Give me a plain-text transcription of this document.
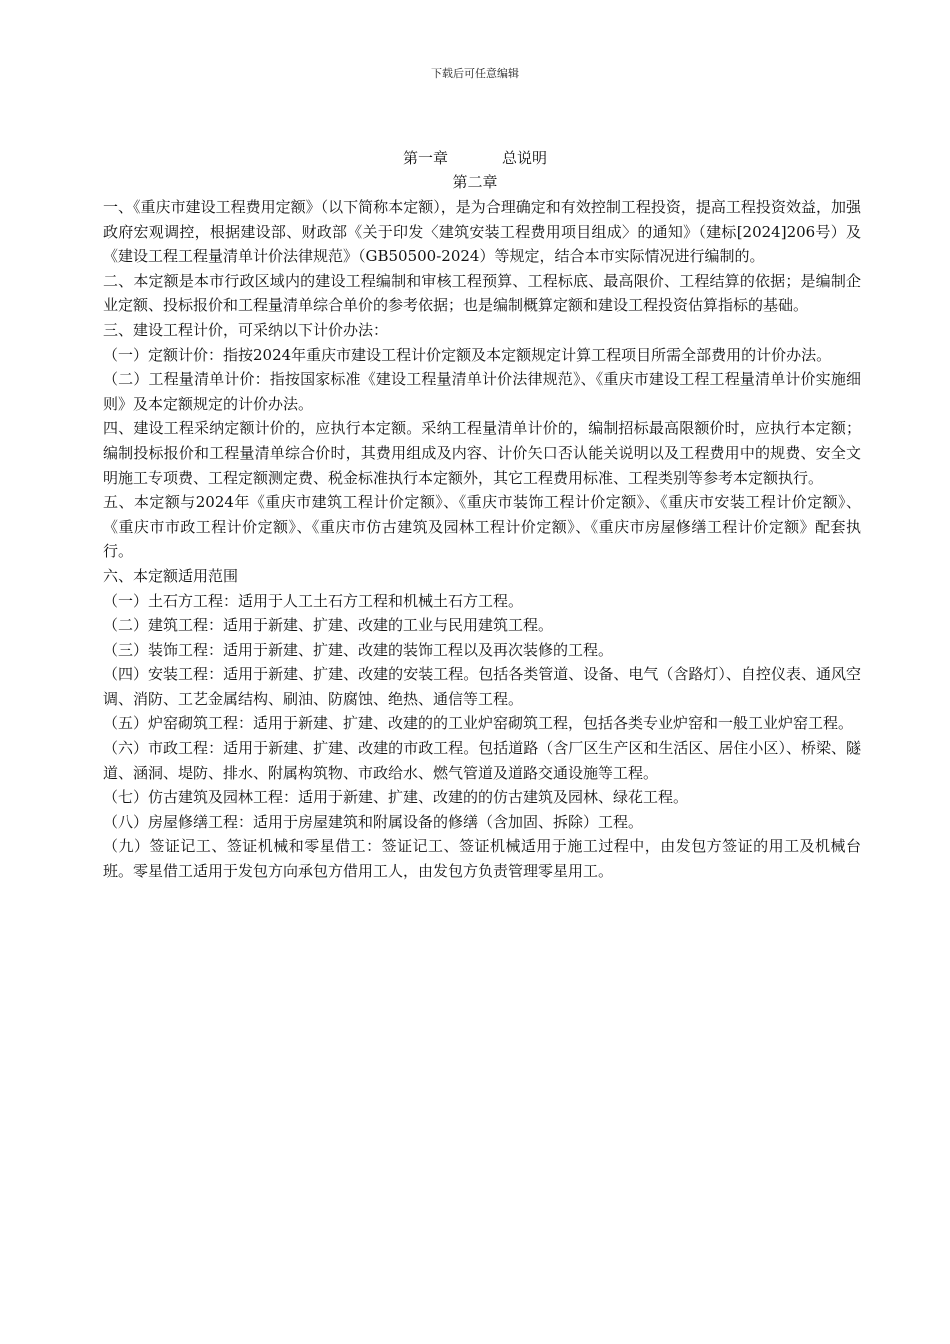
下载后可任意编辑
第一章	总说明
第二章

一、《重庆市建设工程费用定额》（以下简称本定额），是为合理确定和有效控制工程投资，提高工程投资效益，加强政府宏观调控，根据建设部、财政部《关于印发〈建筑安装工程费用项目组成〉的通知》（建标[2024]206号）及《建设工程工程量清单计价法律规范》（GB50500-2024）等规定，结合本市实际情况进行编制的。

二、本定额是本市行政区域内的建设工程编制和审核工程预算、工程标底、最高限价、工程结算的依据；是编制企业定额、投标报价和工程量清单综合单价的参考依据；也是编制概算定额和建设工程投资估算指标的基础。

三、建设工程计价，可采纳以下计价办法：

（一）定额计价：指按2024年重庆市建设工程计价定额及本定额规定计算工程项目所需全部费用的计价办法。

（二）工程量清单计价：指按国家标准《建设工程量清单计价法律规范》、《重庆市建设工程工程量清单计价实施细则》及本定额规定的计价办法。

四、建设工程采纳定额计价的，应执行本定额。采纳工程量清单计价的，编制招标最高限额价时，应执行本定额；编制投标报价和工程量清单综合价时，其费用组成及内容、计价矢口否认能关说明以及工程费用中的规费、安全文明施工专项费、工程定额测定费、税金标准执行本定额外，其它工程费用标准、工程类别等参考本定额执行。

五、本定额与2024年《重庆市建筑工程计价定额》、《重庆市装饰工程计价定额》、《重庆市安装工程计价定额》、《重庆市市政工程计价定额》、《重庆市仿古建筑及园林工程计价定额》、《重庆市房屋修缮工程计价定额》配套执行。

六、本定额适用范围

（一）土石方工程：适用于人工土石方工程和机械土石方工程。

（二）建筑工程：适用于新建、扩建、改建的工业与民用建筑工程。

（三）装饰工程：适用于新建、扩建、改建的装饰工程以及再次装修的工程。

（四）安装工程：适用于新建、扩建、改建的安装工程。包括各类管道、设备、电气（含路灯）、自控仪表、通风空调、消防、工艺金属结构、刷油、防腐蚀、绝热、通信等工程。

（五）炉窑砌筑工程：适用于新建、扩建、改建的的工业炉窑砌筑工程，包括各类专业炉窑和一般工业炉窑工程。

（六）市政工程：适用于新建、扩建、改建的市政工程。包括道路（含厂区生产区和生活区、居住小区）、桥梁、隧道、涵洞、堤防、排水、附属构筑物、市政给水、燃气管道及道路交通设施等工程。

（七）仿古建筑及园林工程：适用于新建、扩建、改建的的仿古建筑及园林、绿花工程。

（八）房屋修缮工程：适用于房屋建筑和附属设备的修缮（含加固、拆除）工程。

（九）签证记工、签证机械和零星借工：签证记工、签证机械适用于施工过程中，由发包方签证的用工及机械台班。零星借工适用于发包方向承包方借用工人，由发包方负责管理零星用工。
